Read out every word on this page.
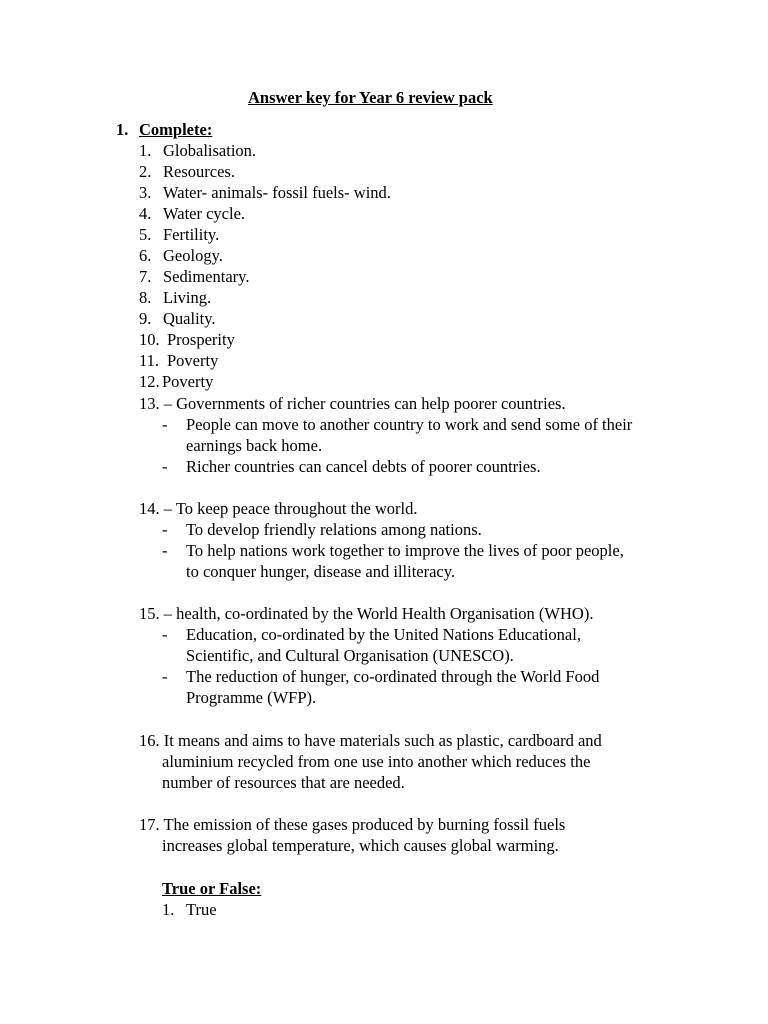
Answer key for Year 6 review pack
1. Complete:
1. Globalisation.
2. Resources.
3. Water- animals- fossil fuels- wind.
4. Water cycle.
5. Fertility.
6. Geology.
7. Sedimentary.
8. Living.
9. Quality.
10. Prosperity
11. Poverty
12. Poverty
13. – Governments of richer countries can help poorer countries.
- People can move to another country to work and send some of their
earnings back home.
- Richer countries can cancel debts of poorer countries.
14. – To keep peace throughout the world.
- To develop friendly relations among nations.
- To help nations work together to improve the lives of poor people,
to conquer hunger, disease and illiteracy.
15. – health, co-ordinated by the World Health Organisation (WHO).
- Education, co-ordinated by the United Nations Educational,
Scientific, and Cultural Organisation (UNESCO).
- The reduction of hunger, co-ordinated through the World Food
Programme (WFP).
16. It means and aims to have materials such as plastic, cardboard and
aluminium recycled from one use into another which reduces the
number of resources that are needed.
17. The emission of these gases produced by burning fossil fuels
increases global temperature, which causes global warming.
True or False:
1. True
